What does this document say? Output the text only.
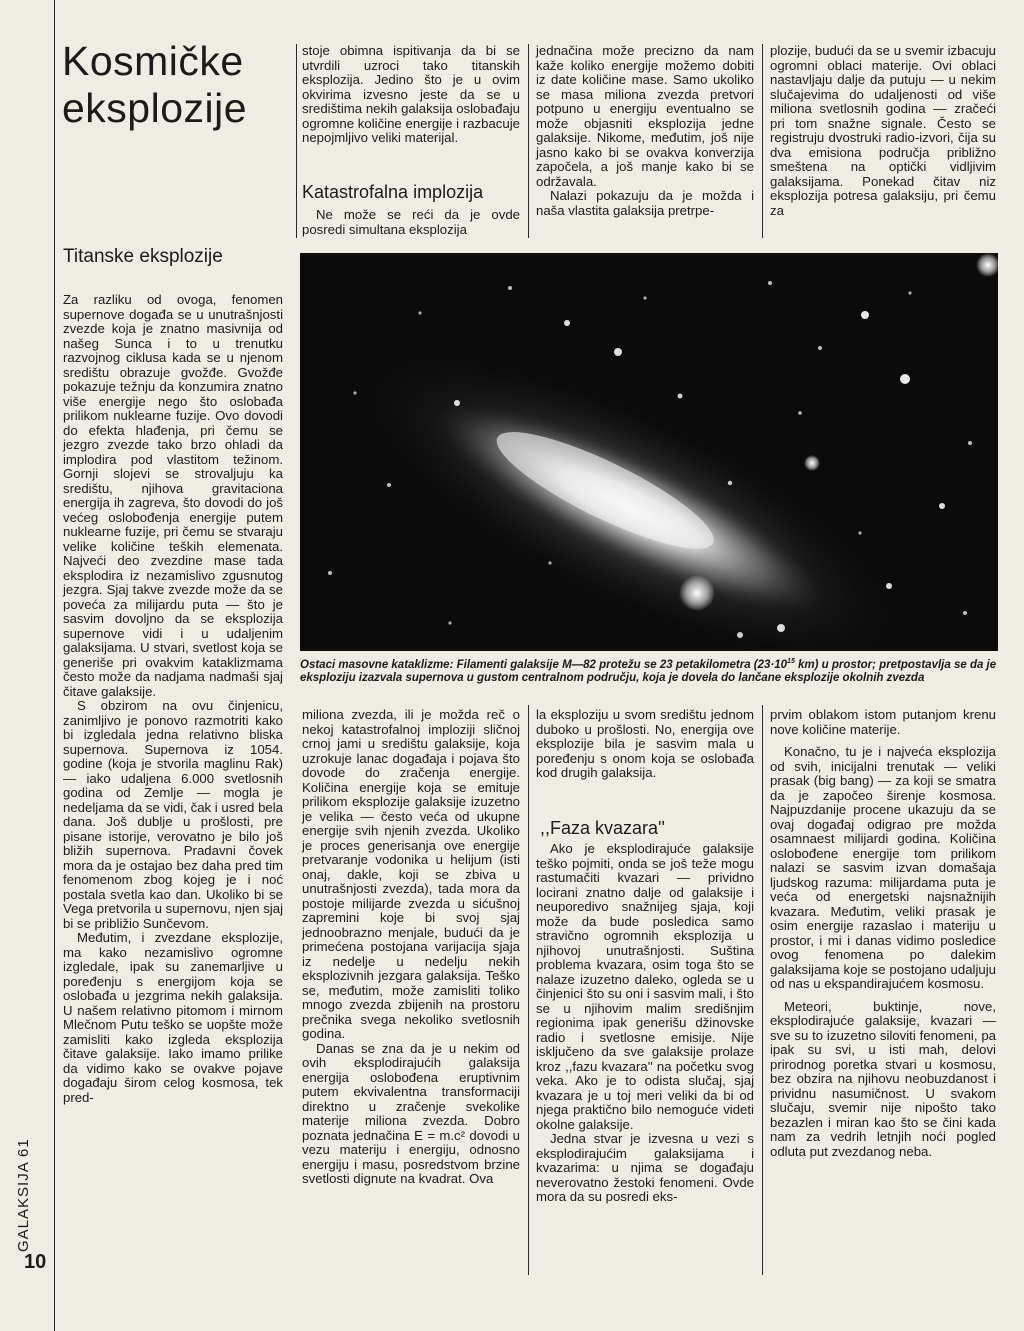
Kosmičke
eksplozije
Titanske eksplozije
GALAKSIJA 61
10

Za razliku od ovoga, fenomen supernove događa se u unutrašnjosti zvezde koja je znatno masivnija od našeg Sunca i to u trenutku razvojnog ciklusa kada se u njenom središtu obrazuje gvožđe. Gvožđe pokazuje težnju da konzumira znatno više energije nego što oslobađa prilikom nuklearne fuzije. Ovo dovodi do efekta hlađenja, pri čemu se jezgro zvezde tako brzo ohladi da implodira pod vlastitom težinom. Gornji slojevi se strovaljuju ka središtu, njihova gravitaciona energija ih zagreva, što dovodi do još većeg oslobođenja energije putem nuklearne fuzije, pri čemu se stvaraju velike količine teških elemenata. Najveći deo zvezdine mase tada eksplodira iz nezamislivo zgusnutog jezgra. Sjaj takve zvezde može da se poveća za milijardu puta — što je sasvim dovoljno da se eksplozija supernove vidi i u udaljenim galaksijama. U stvari, svetlost koja se generiše pri ovakvim kataklizmama često može da nadjama nadmaši sjaj čitave galaksije.

S obzirom na ovu činjenicu, zanimljivo je ponovo razmotriti kako bi izgledala jedna relativno bliska supernova. Supernova iz 1054. godine (koja je stvorila maglinu Rak) — iako udaljena 6.000 svetlosnih godina od Zemlje — mogla je nedeljama da se vidi, čak i usred bela dana. Još dublje u prošlosti, pre pisane istorije, verovatno je bilo još bližih supernova. Pradavni čovek mora da je ostajao bez daha pred tim fenomenom zbog kojeg je i noć postala svetla kao dan. Ukoliko bi se Vega pretvorila u supernovu, njen sjaj bi se približio Sunčevom.

Međutim, i zvezdane eksplozije, ma kako nezamislivo ogromne izgledale, ipak su zanemarljive u poređenju s energijom koja se oslobađa u jezgrima nekih galaksija. U našem relativno pitomom i mirnom Mlečnom Putu teško se uopšte može zamisliti kako izgleda eksplozija čitave galaksije. Iako imamo prilike da vidimo kako se ovakve pojave događaju širom celog kosmosa, tek pred-

stoje obimna ispitivanja da bi se utvrdili uzroci tako titanskih eksplozija. Jedino što je u ovim okvirima izvesno jeste da se u središtima nekih galaksija oslobađaju ogromne količine energije i razbacuje nepojmljivo veliki materijal.

Katastrofalna implozija

Ne može se reći da je ovde posredi simultana eksplozija

jednačina može precizno da nam kaže koliko energije možemo dobiti iz date količine mase. Samo ukoliko se masa miliona zvezda pretvori potpuno u energiju eventualno se može objasniti eksplozija jedne galaksije. Nikome, međutim, još nije jasno kako bi se ovakva konverzija započela, a još manje kako bi se održavala.

Nalazi pokazuju da je možda i naša vlastita galaksija pretrpe-

plozije, budući da se u svemir izbacuju ogromni oblaci materije. Ovi oblaci nastavljaju dalje da putuju — u nekim slučajevima do udaljenosti od više miliona svetlosnih godina — zračeći pri tom snažne signale. Često se registruju dvostruki radio-izvori, čija su dva emisiona područja približno smeštena na optički vidljivim galaksijama. Ponekad čitav niz eksplozija potresa galaksiju, pri čemu za

Ostaci masovne kataklizme: Filamenti galaksije M—82 protežu se 23 petakilometra ($23\cdot 10^{15}$ km) u prostor; pretpostavlja se da je eksploziju izazvala supernova u gustom centralnom području, koja je dovela do lančane eksplozije okolnih zvezda

miliona zvezda, ili je možda reč o nekoj katastrofalnoj imploziji sličnoj crnoj jami u središtu galaksije, koja uzrokuje lanac događaja i pojava što dovode do zračenja energije. Količina energije koja se emituje prilikom eksplozije galaksije izuzetno je velika — često veća od ukupne energije svih njenih zvezda. Ukoliko je proces generisanja ove energije pretvaranje vodonika u helijum (isti onaj, dakle, koji se zbiva u unutrašnjosti zvezda), tada mora da postoje milijarde zvezda u sićušnoj zapremini koje bi svoj sjaj jednoobrazno menjale, budući da je primećena postojana varijacija sjaja iz nedelje u nedelju nekih eksplozivnih jezgara galaksija. Teško se, međutim, može zamisliti toliko mnogo zvezda zbijenih na prostoru prečnika svega nekoliko svetlosnih godina.

Danas se zna da je u nekim od ovih eksplodirajućih galaksija energija oslobođena eruptivnim putem ekvivalentna transformaciji direktno u zračenje svekolike materije miliona zvezda. Dobro poznata jednačina E = m.c² dovodi u vezu materiju i energiju, odnosno energiju i masu, posredstvom brzine svetlosti dignute na kvadrat. Ova

la eksploziju u svom središtu jednom duboko u prošlosti. No, energija ove eksplozije bila je sasvim mala u poređenju s onom koja se oslobađa kod drugih galaksija.

,,Faza kvazara''

Ako je eksplodirajuće galaksije teško pojmiti, onda se još teže mogu rastumačiti kvazari — prividno locirani znatno dalje od galaksije i neuporedivo snažnijeg sjaja, koji može da bude posledica samo stravično ogromnih eksplozija u njihovoj unutrašnjosti. Suština problema kvazara, osim toga što se nalaze izuzetno daleko, ogleda se u činjenici što su oni i sasvim mali, i što se u njihovim malim središnjim regionima ipak generišu džinovske radio i svetlosne emisije. Nije isključeno da sve galaksije prolaze kroz ,,fazu kvazara'' na početku svog veka. Ako je to odista slučaj, sjaj kvazara je u toj meri veliki da bi od njega praktično bilo nemoguće videti okolne galaksije.

Jedna stvar je izvesna u vezi s eksplodirajućim galaksijama i kvazarima: u njima se događaju neverovatno žestoki fenomeni. Ovde mora da su posredi eks-

prvim oblakom istom putanjom krenu nove količine materije.

Konačno, tu je i najveća eksplozija od svih, inicijalni trenutak — veliki prasak (big bang) — za koji se smatra da je započeo širenje kosmosa. Najpuzdanije procene ukazuju da se ovaj događaj odigrao pre možda osamnaest milijardi godina. Količina oslobođene energije tom prilikom nalazi se sasvim izvan domašaja ljudskog razuma: milijardama puta je veća od energetski najsnažnijih kvazara. Međutim, veliki prasak je osim energije razaslao i materiju u prostor, i mi i danas vidimo posledice ovog fenomena po dalekim galaksijama koje se postojano udaljuju od nas u ekspandirajućem kosmosu.

Meteori, buktinje, nove, eksplodirajuće galaksije, kvazari — sve su to izuzetno siloviti fenomeni, pa ipak su svi, u isti mah, delovi prirodnog poretka stvari u kosmosu, bez obzira na njihovu neobuzdanost i prividnu nasumičnost. U svakom slučaju, svemir nije nipošto tako bezazlen i miran kao što se čini kada nam za vedrih letnjih noći pogled odluta put zvezdanog neba.
